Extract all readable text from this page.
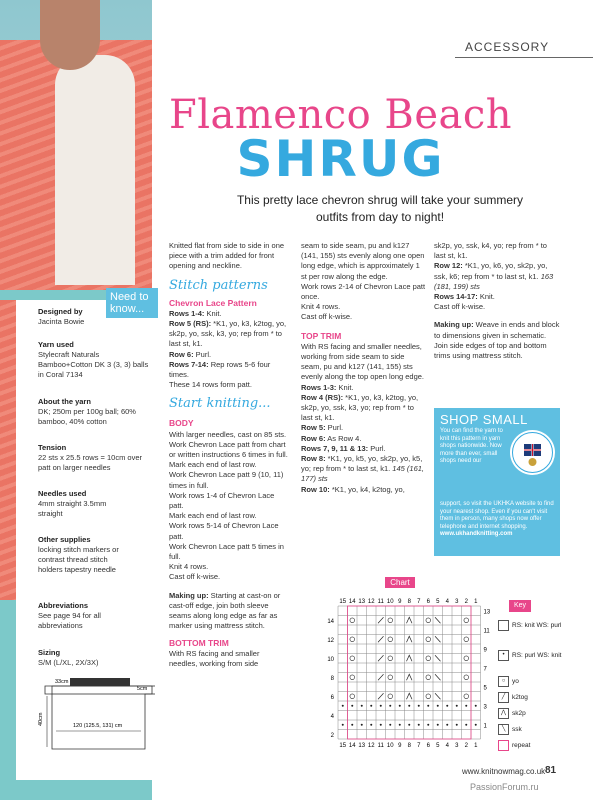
Need to know...
Designed by
Jacinta Bowie
Yarn used
Stylecraft Naturals Bamboo+Cotton DK 3 (3, 3) balls in Coral 7134
About the yarn
DK; 250m per 100g ball; 60% bamboo, 40% cotton
Tension
22 sts x 25.5 rows = 10cm over patt on larger needles
Needles used
4mm straight 3.5mm straight
Other supplies
locking stitch markers or contrast thread stitch holders tapestry needle
Abbreviations
See page 94 for all abbreviations
Sizing
S/M (L/XL, 2X/3X)
33cm
5cm
40cm	120 (125.5, 131) cm
ACCESSORY
Flamenco Beach
SHRUG
This pretty lace chevron shrug will take your summery outfits from day to night!

Knitted flat from side to side in one piece with a trim added for front opening and neckline.

Stitch patterns
Chevron Lace Pattern

Rows 1-4: Knit.

Row 5 (RS): *K1, yo, k3, k2tog, yo, sk2p, yo, ssk, k3, yo; rep from * to last st, k1.

Row 6: Purl.

Rows 7-14: Rep rows 5-6 four times.

These 14 rows form patt.

Start knitting...
BODY

With larger needles, cast on 85 sts.

Work Chevron Lace patt from chart or written instructions 6 times in full.

Mark each end of last row.

Work Chevron Lace patt 9 (10, 11) times in full.

Work rows 1-4 of Chevron Lace patt.

Mark each end of last row.

Work rows 5-14 of Chevron Lace patt.

Work Chevron Lace patt 5 times in full.

Knit 4 rows.

Cast off k-wise.

Making up: Starting at cast-on or cast-off edge, join both sleeve seams along long edge as far as marker using mattress stitch.

BOTTOM TRIM

With RS facing and smaller needles, working from side

seam to side seam, pu and k127 (141, 155) sts evenly along one open long edge, which is approximately 1 st per row along the edge.

Work rows 2-14 of Chevron Lace patt once.

Knit 4 rows.

Cast off k-wise.

TOP TRIM

With RS facing and smaller needles, working from side seam to side seam, pu and k127 (141, 155) sts evenly along the top open long edge.

Rows 1-3: Knit.

Row 4 (RS): *K1, yo, k3, k2tog, yo, sk2p, yo, ssk, k3, yo; rep from * to last st, k1.

Row 5: Purl.

Row 6: As Row 4.

Rows 7, 9, 11 & 13: Purl.

Row 8: *K1, yo, k5, yo, sk2p, yo, k5, yo; rep from * to last st, k1. 145 (161, 177) sts

Row 10: *K1, yo, k4, k2tog, yo,

sk2p, yo, ssk, k4, yo; rep from * to last st, k1.

Row 12: *K1, yo, k6, yo, sk2p, yo, ssk, k6; rep from * to last st, k1. 163 (181, 199) sts

Rows 14-17: Knit.

Cast off k-wise.

Making up: Weave in ends and block to dimensions given in schematic. Join side edges of top and bottom trims using mattress stitch.

SHOP SMALL
You can find the yarn to knit this pattern in yarn shops nationwide. Now more than ever, small shops need our
support, so visit the UKHKA website to find your nearest shop. Even if you can't visit them in person, many shops now offer telephone and internet shopping. www.ukhandknitting.com
Chart
15
15
14
14
13
13
12
12
11
11
10
10
9
9
8
8
7
7
6
6
5
5
4
4
3
3
2
2
1
1
13
11
9
7
5
3
1
14
12
10
8
6
4
2
Key
RS: knit WS: purl
• RS: purl WS: knit
○ yo
╱ k2tog
⋀ sk2p
╲ ssk
repeat
www.knitnowmag.co.uk 81
PassionForum.ru
